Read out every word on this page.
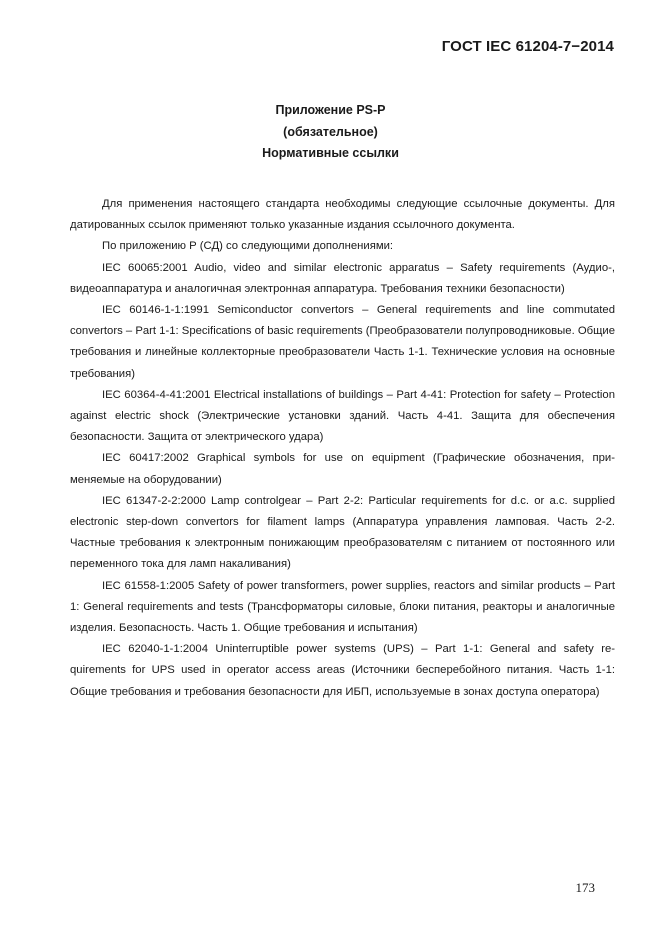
ГОСТ IEC 61204-7−2014
Приложение PS-P
(обязательное)
Нормативные ссылки

Для применения настоящего стандарта необходимы следующие ссылочные документы. Для датированных ссылок применяют только указанные издания ссылочного документа.

По приложению Р (СД) со следующими дополнениями:

IEC 60065:2001 Audio, video and similar electronic apparatus – Safety requirements (Аудио-, видеоаппаратура и аналогичная электронная аппаратура. Требования техники безопасности)

IEC 60146-1-1:1991 Semiconductor convertors – General requirements and line commutated convertors – Part 1-1: Specifications of basic requirements (Преобразователи полупроводниковые. Общие требования и линейные коллекторные преобразователи Часть 1-1. Технические условия на основные требования)

IEC 60364-4-41:2001 Electrical installations of buildings – Part 4-41: Protection for safety – Protection against electric shock (Электрические установки зданий. Часть 4-41. Защита для обеспечения безопасности. Защита от электрического удара)

IEC 60417:2002 Graphical symbols for use on equipment (Графические обозначения, применяемые на оборудовании)

IEC 61347-2-2:2000 Lamp controlgear – Part 2-2: Particular requirements for d.c. or a.c. supplied electronic step-down convertors for filament lamps (Аппаратура управления ламповая. Часть 2-2. Частные требования к электронным понижающим преобразователям с питанием от постоянного или переменного тока для ламп накаливания)

IEC 61558-1:2005 Safety of power transformers, power supplies, reactors and similar products – Part 1: General requirements and tests (Трансформаторы силовые, блоки питания, реакторы и аналогичные изделия. Безопасность. Часть 1. Общие требования и испытания)

IEC 62040-1-1:2004 Uninterruptible power systems (UPS) – Part 1-1: General and safety requirements for UPS used in operator access areas (Источники бесперебойного питания. Часть 1-1: Общие требования и требования безопасности для ИБП, используемые в зонах доступа оператора)

173
